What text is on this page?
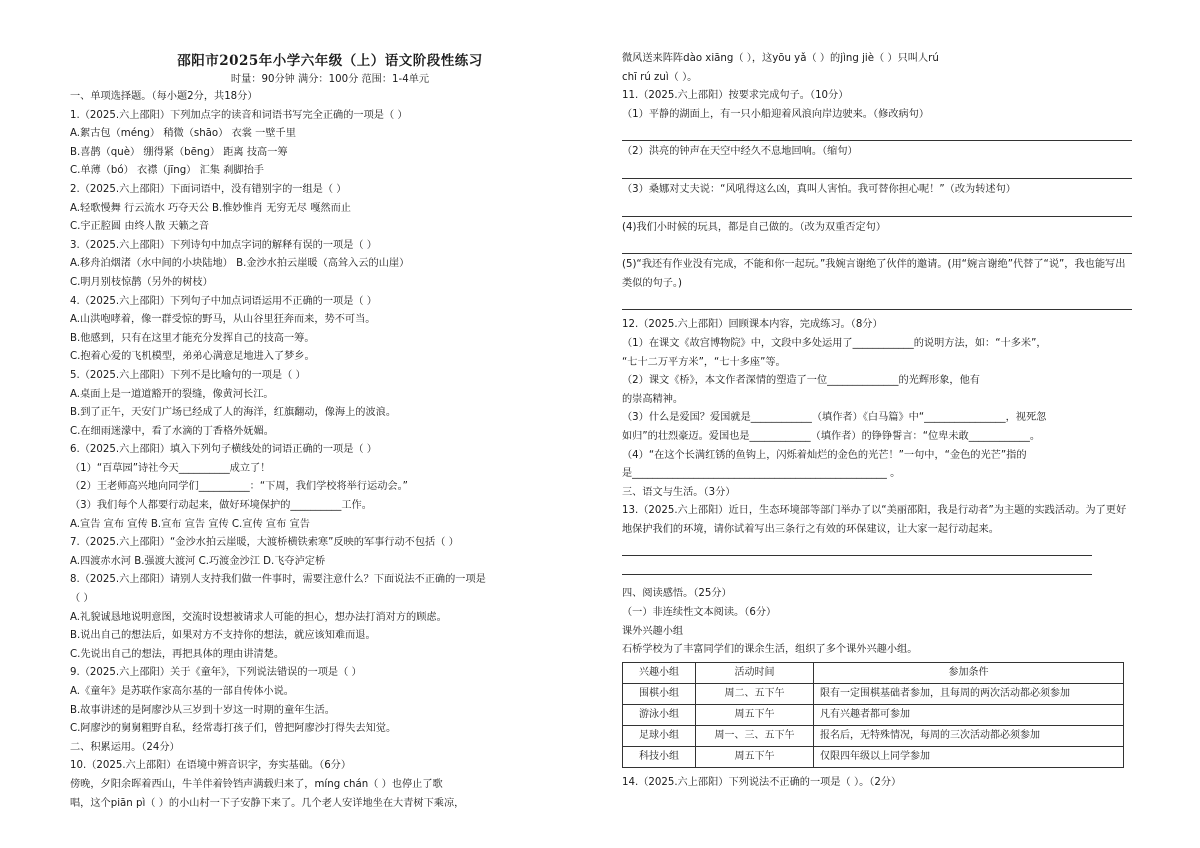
邵阳市2025年小学六年级（上）语文阶段性练习
时量：90分钟 满分：100分 范围：1-4单元
一、单项选择题。（每小题2分，共18分）
1.（2025.六上邵阳）下列加点字的读音和词语书写完全正确的一项是（ ）
A.絮古包（méng） 稍微（shāo） 衣裳 一壁千里
B.喜鹊（què） 绷得紧（bēng） 距离 技高一筹
C.单薄（bó） 衣襟（jīng） 汇集 刹脚抬手
2.（2025.六上邵阳）下面词语中，没有错别字的一组是（ ）
A.轻歌慢舞 行云流水 巧夺天公 B.惟妙惟肖 无穷无尽 嘎然而止
C.宇正腔圆 由终人散 天籁之音
3.（2025.六上邵阳）下列诗句中加点字词的解释有误的一项是（ ）
A.移舟泊烟渚（水中间的小块陆地） B.金沙水拍云崖暖（高耸入云的山崖）
C.明月别枝惊鹊（另外的树枝）
4.（2025.六上邵阳）下列句子中加点词语运用不正确的一项是（ ）
A.山洪咆哮着，像一群受惊的野马，从山谷里狂奔而来，势不可当。
B.他感到，只有在这里才能充分发挥自己的技高一筹。
C.抱着心爱的飞机模型，弟弟心满意足地进入了梦乡。
5.（2025.六上邵阳）下列不是比喻句的一项是（ ）
A.桌面上是一道道豁开的裂缝，像黄河长江。
B.到了正午，天安门广场已经成了人的海洋，红旗翻动，像海上的波浪。
C.在细雨迷濛中，看了水滴的丁香格外妩媚。
6.（2025.六上邵阳）填入下列句子横线处的词语正确的一项是（ ）
（1）“百草园”诗社今天__________成立了！
（2）王老师高兴地向同学们__________：“下周，我们学校将举行运动会。”
（3）我们每个人都要行动起来，做好环境保护的__________工作。
A.宣告 宣布 宣传 B.宣布 宣告 宣传 C.宣传 宣布 宣告
7.（2025.六上邵阳）“金沙水拍云崖暖，大渡桥横铁索寒”反映的军事行动不包括（ ）
A.四渡赤水河 B.强渡大渡河 C.巧渡金沙江 D.飞夺泸定桥
8.（2025.六上邵阳）请别人支持我们做一件事时，需要注意什么？下面说法不正确的一项是
（ ）
A.礼貌诚恳地说明意图，交流时设想被请求人可能的担心，想办法打消对方的顾虑。
B.说出自己的想法后，如果对方不支持你的想法，就应该知难而退。
C.先说出自己的想法，再把具体的理由讲清楚。
9.（2025.六上邵阳）关于《童年》，下列说法错误的一项是（ ）
A.《童年》是苏联作家高尔基的一部自传体小说。
B.故事讲述的是阿廖沙从三岁到十岁这一时期的童年生活。
C.阿廖沙的舅舅粗野自私，经常毒打孩子们，曾把阿廖沙打得失去知觉。
二、积累运用。（24分）
10.（2025.六上邵阳）在语境中辨音识字，夯实基础。（6分）
傍晚，夕阳余晖着西山，牛羊伴着铃铛声满载归来了，míng chán（ ）也停止了歌
唱，这个piān pì（ ）的小山村一下子安静下来了。几个老人安详地坐在大青树下乘凉，
微风送来阵阵dào xiāng（ ），这yōu yǎ（ ）的jìng jiè（ ）只叫人rú
chī rú zuì（ ）。
11.（2025.六上邵阳）按要求完成句子。（10分）
（1）平静的湖面上，有一只小船迎着风浪向岸边驶来。（修改病句）
（2）洪亮的钟声在天空中经久不息地回响。（缩句）
（3）桑娜对丈夫说：“风吼得这么凶，真叫人害怕。我可替你担心呢！”（改为转述句）
(4)我们小时候的玩具，都是自己做的。（改为双重否定句）
(5)“我还有作业没有完成，不能和你一起玩。”我婉言谢绝了伙伴的邀请。(用“婉言谢绝”代替了“说”，我也能写出类似的句子。)
12.（2025.六上邵阳）回顾课本内容，完成练习。（8分）
（1）在课文《故宫博物院》中，文段中多处运用了____________的说明方法，如：“十多米”，
“七十二万平方米”，“七十多座”等。
（2）课文《桥》，本文作者深情的塑造了一位______________的光辉形象，他有
的崇高精神。
（3）什么是爱国？爱国就是____________（填作者）《白马篇》中“________________，视死忽
如归”的壮烈豪迈。爱国也是____________（填作者）的铮铮誓言：“位卑未敢____________。
（4）“在这个长满红锈的鱼钩上，闪烁着灿烂的金色的光芒！”一句中，“金色的光芒”指的
是__________________________________________________ 。
三、语文与生活。（3分）
13.（2025.六上邵阳）近日，生态环境部等部门举办了以“美丽邵阳，我是行动者”为主题的实践活动。为了更好地保护我们的环境，请你试着写出三条行之有效的环保建议，让大家一起行动起来。
四、阅读感悟。（25分）
（一）非连续性文本阅读。（6分）
课外兴趣小组
石桥学校为了丰富同学们的课余生活，组织了多个课外兴趣小组。
兴趣小组	活动时间	参加条件
围棋小组	周二、五下午	限有一定围棋基础者参加，且每周的两次活动都必须参加
游泳小组	周五下午	凡有兴趣者都可参加
足球小组	周一、三、五下午	报名后，无特殊情况，每周的三次活动都必须参加
科技小组	周五下午	仅限四年级以上同学参加
14.（2025.六上邵阳）下列说法不正确的一项是（ ）。（2分）
